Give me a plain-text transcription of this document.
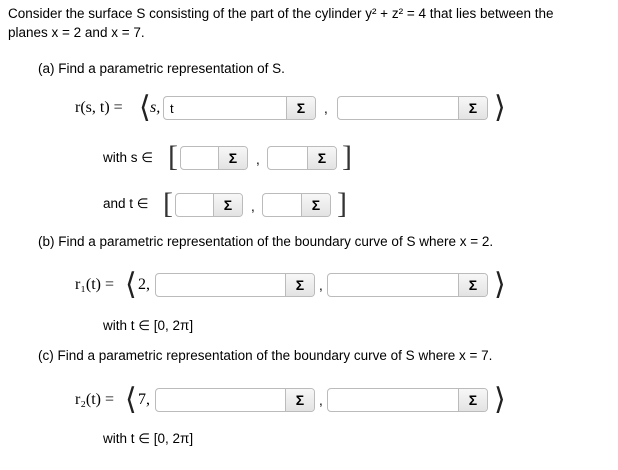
Consider the surface S consisting of the part of the cylinder y² + z² = 4 that lies between the
planes x = 2 and x = 7.
(a) Find a parametric representation of S.
r(s, t) = ⟨ s, t	Σ	,	Σ ⟩
with s ∈ [	Σ	,	Σ ]
and t ∈ [	Σ	,	Σ ]
(b) Find a parametric representation of the boundary curve of S where x = 2.
r₁(t) = ⟨ 2,	Σ	,	Σ ⟩
with t ∈ [0, 2π]
(c) Find a parametric representation of the boundary curve of S where x = 7.
r₂(t) = ⟨ 7,	Σ	,	Σ ⟩
with t ∈ [0, 2π]
